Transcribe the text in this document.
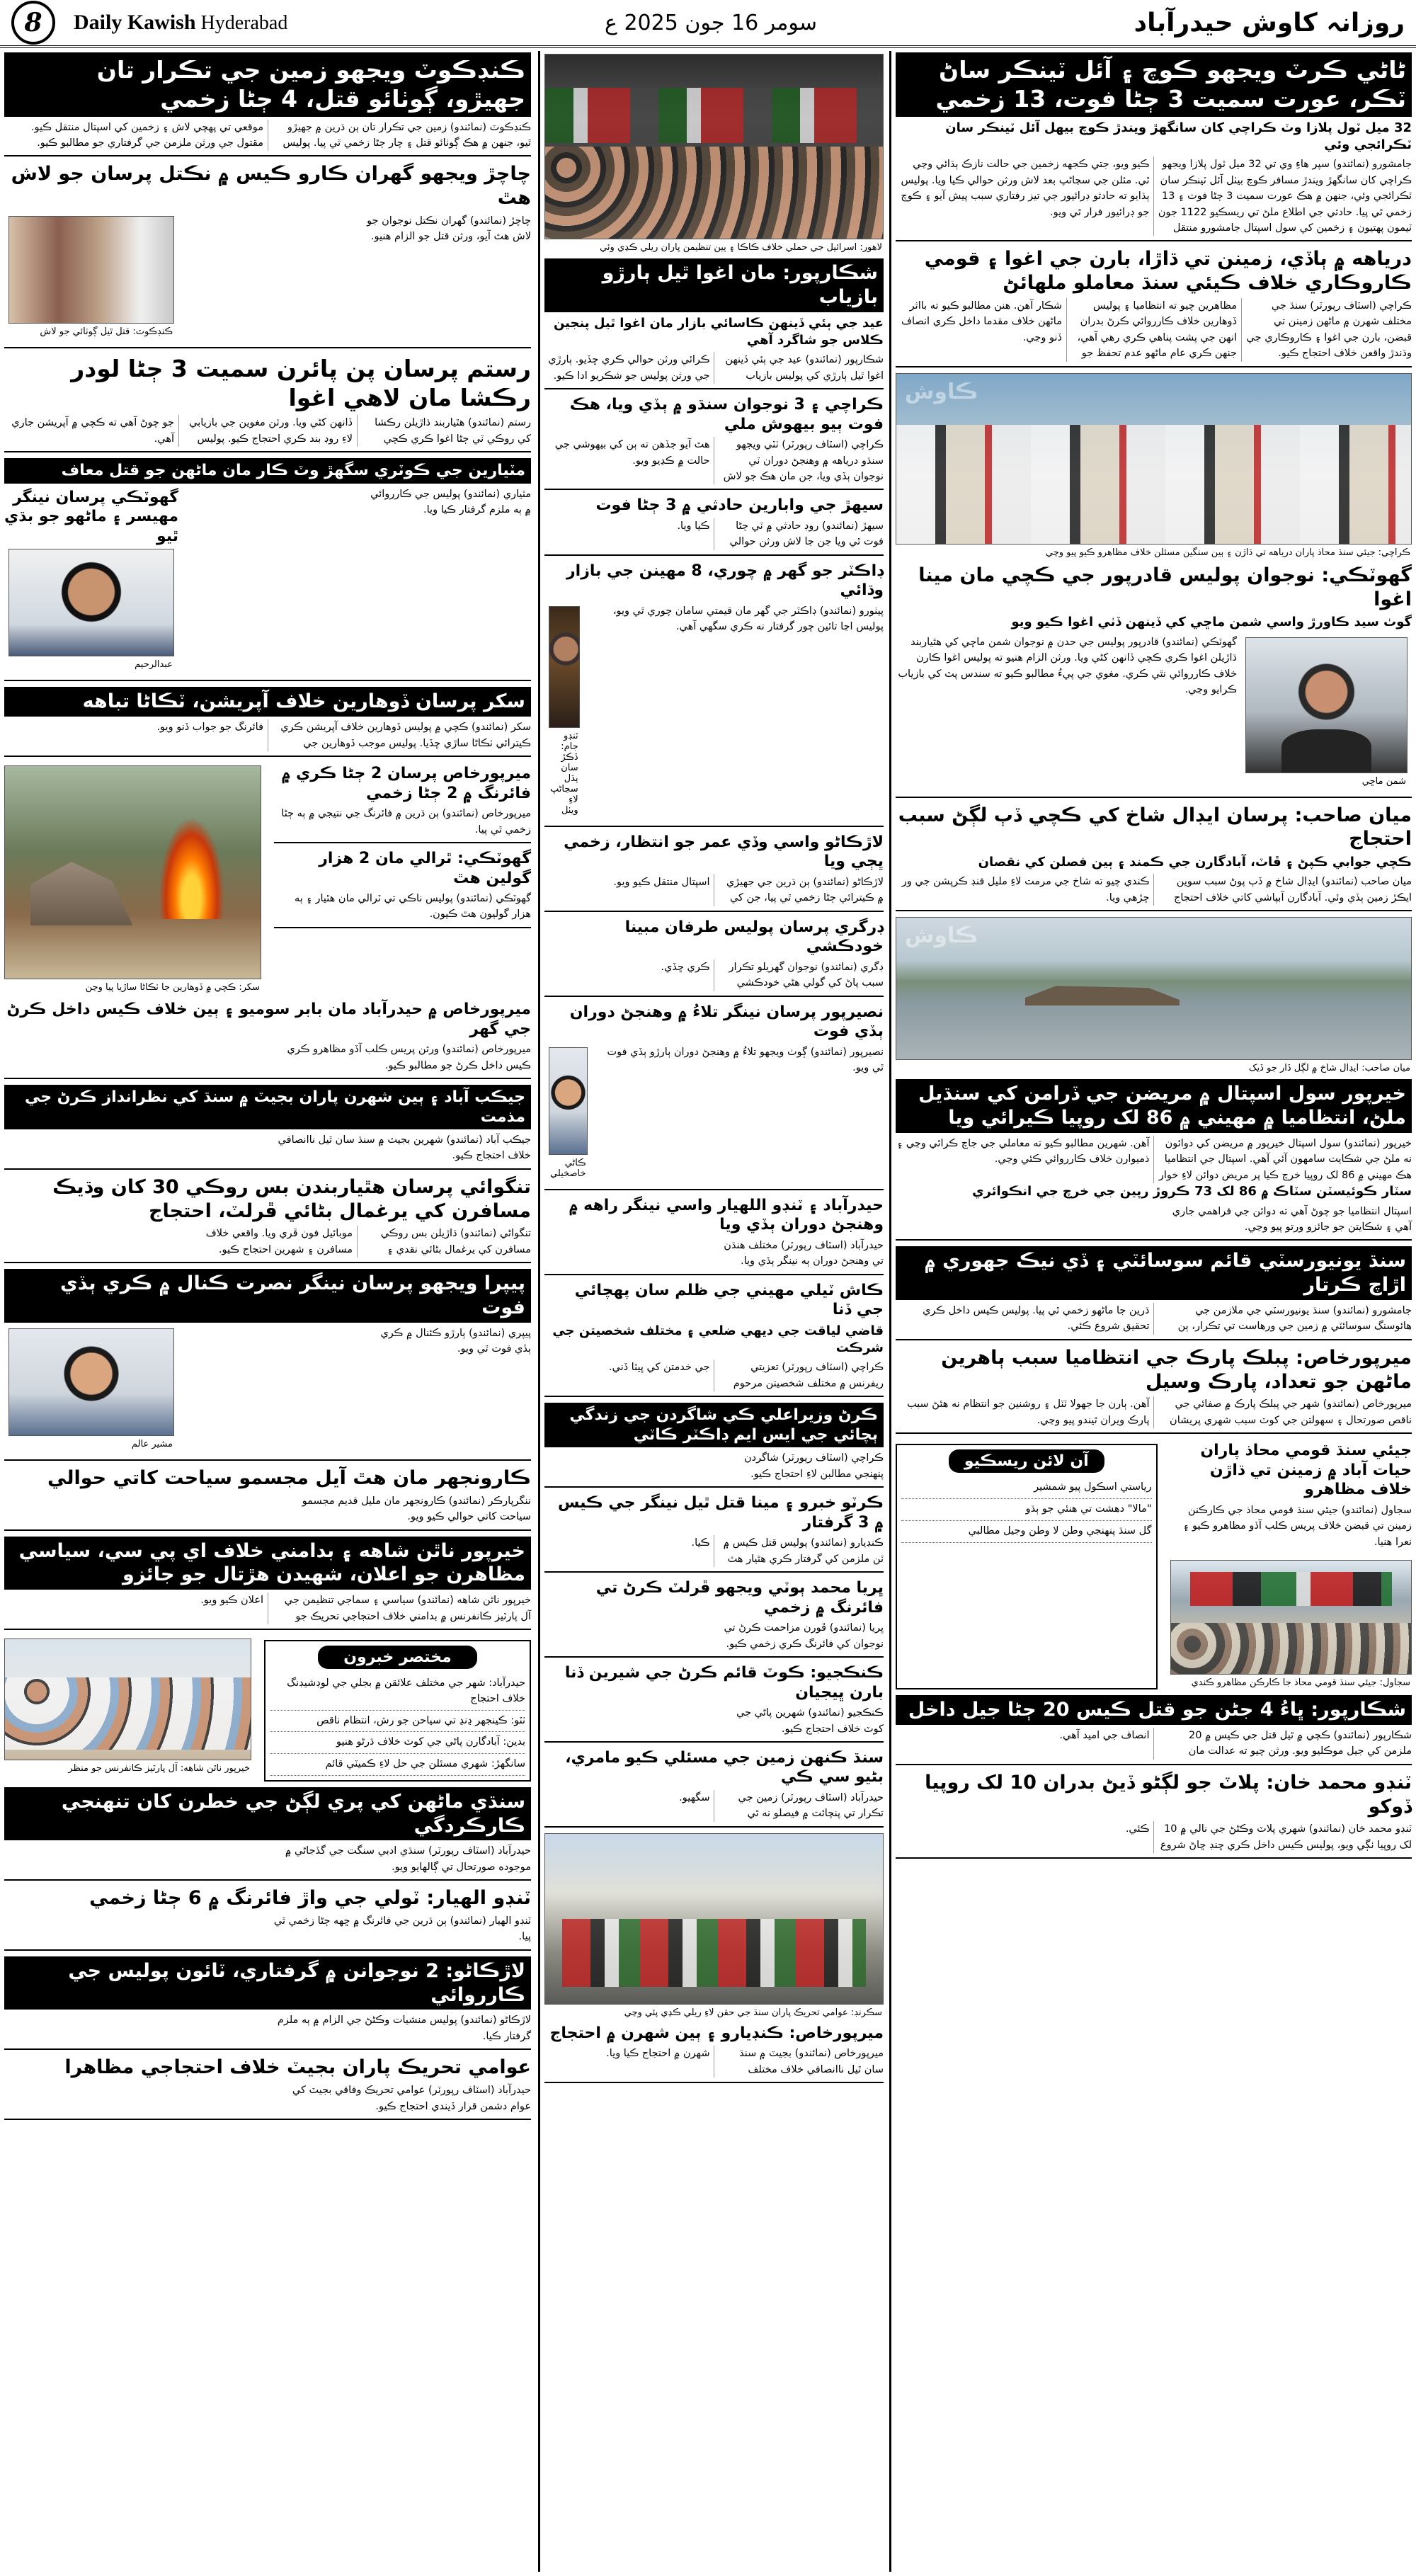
8	Daily Kawish Hyderabad	سومر 16 جون 2025 ع	روزانہ کاوش حیدرآباد
ٹاٹي ڪرٽ ويجهو ڪوچ ۽ آئل ٽينڪر ساڻ ٽڪر، عورت سميت 3 ڄڻا فوت، 13 زخمي
32 ميل ٽول پلازا وٽ ڪراچي کان سانگهڙ ويندڙ ڪوچ بيهل آئل ٽينڪر سان ٽڪرائجي وئي

جامشورو (نمائندو) سپر هاءِ وي تي 32 ميل ٽول پلازا ويجهو ڪراچي کان سانگهڙ ويندڙ مسافر ڪوچ بيٺل آئل ٽينڪر سان ٽڪرائجي وئي، جنهن ۾ هڪ عورت سميت 3 ڄڻا فوت ۽ 13 زخمي ٿي پيا. حادثي جي اطلاع ملڻ تي ريسڪيو 1122 جون ٽيمون پهتيون ۽ زخمين کي سول اسپتال جامشورو منتقل ڪيو ويو، جتي ڪجهه زخمين جي حالت نازڪ ٻڌائي وڃي ٿي. مئلن جي سڃاڻپ بعد لاش ورثن حوالي ڪيا ويا. پوليس ٻڌايو ته حادثو ڊرائيور جي تيز رفتاري سبب پيش آيو ۽ ڪوچ جو ڊرائيور فرار ٿي ويو.

درياهه ۾ ٻاڏي، زمينن تي ڌاڙا، بارن جي اغوا ۽ قومي ڪاروڪاري خلاف ڪيئي سنڌ معاملو ملهائڻ

ڪراچي (اسٽاف رپورٽر) سنڌ جي مختلف شهرن ۾ ماڻهن زمينن تي قبضن، بارن جي اغوا ۽ ڪاروڪاري جي وڌندڙ واقعن خلاف احتجاج ڪيو. مظاهرين چيو ته انتظاميا ۽ پوليس ڏوهارين خلاف ڪارروائي ڪرڻ بدران انهن جي پشت پناهي ڪري رهي آهي، جنهن ڪري عام ماڻهو عدم تحفظ جو شڪار آهن. هنن مطالبو ڪيو ته بااثر ماڻهن خلاف مقدما داخل ڪري انصاف ڏنو وڃي.

ڪاوش
ڪراچي: جيئي سنڌ محاذ پاران درياهه تي ڌاڙن ۽ ٻين سنگين مسئلن خلاف مظاهرو ڪيو پيو وڃي
گهوٽڪي: نوجوان پوليس قادرپور جي ڪچي مان مينا اغوا
گوٺ سيد ڪاورڙ واسي شمن ماڇي کي ڏينهن ڏٺي اغوا ڪيو ويو
شمن ماڇي

گهوٽڪي (نمائندو) قادرپور پوليس جي حدن ۾ نوجوان شمن ماڇي کي هٿياربند ڌاڙيلن اغوا ڪري ڪچي ڏانهن کڻي ويا. ورثن الزام هنيو ته پوليس اغوا ڪارن خلاف ڪارروائي نٿي ڪري. مغوي جي پيءُ مطالبو ڪيو ته سندس پٽ کي بازياب ڪرايو وڃي.

ميان صاحب: پرسان ايڊال شاخ کي ڪچي ڏٻ لڳڻ سبب احتجاج
ڪچي جوابي ڪپڻ ۽ ڦاٽ، آبادگارن جي ڪمند ۽ ٻين فصلن کي نقصان

ميان صاحب (نمائندو) ايڊال شاخ ۾ ڏٻ پوڻ سبب سوين ايڪڙ زمين ٻڏي وئي. آبادگارن آبپاشي کاتي خلاف احتجاج ڪندي چيو ته شاخ جي مرمت لاءِ مليل فنڊ ڪرپشن جي ور چڙهي ويا.

ڪاوش
ميان صاحب: ايڊال شاخ ۾ لڳل ڏار جو ڏيک
خيرپور سول اسپتال ۾ مريضن جي ڏرامن کي سنڌيل ملڻ، انتظاميا ۾ مهيني ۾ 86 لک روپيا ڪيرائي ويا

خيرپور (نمائندو) سول اسپتال خيرپور ۾ مريضن کي دوائون نه ملڻ جي شڪايت سامهون آئي آهي. اسپتال جي انتظاميا هڪ مهيني ۾ 86 لک روپيا خرچ ڪيا پر مريض دوائن لاءِ خوار آهن. شهرين مطالبو ڪيو ته معاملي جي جاچ ڪرائي وڃي ۽ ذميوارن خلاف ڪارروائي ڪئي وڃي.

سٽار ڪوئيسٽن سٽاڪ ۾ 86 لک 73 ڪروڙ رپين جي خرچ جي انڪوائري

اسپتال انتظاميا جو چوڻ آهي ته دوائن جي فراهمي جاري آهي ۽ شڪايتن جو جائزو ورتو پيو وڃي.

سنڌ يونيورسٽي قائم سوسائٽي ۽ ڏي نيڪ جهوري ۾ اڙاچ ڪرتار

جامشورو (نمائندو) سنڌ يونيورسٽي جي ملازمن جي هائوسنگ سوسائٽي ۾ زمين جي ورهاست تي تڪرار، ٻن ڌرين جا ماڻهو زخمي ٿي پيا. پوليس ڪيس داخل ڪري تحقيق شروع ڪئي.

ميرپورخاص: پبلڪ پارڪ جي انتظاميا سبب ٻاهرين ماڻهن جو تعداد، پارڪ وسيل

ميرپورخاص (نمائندو) شهر جي پبلڪ پارڪ ۾ صفائي جي ناقص صورتحال ۽ سهولتن جي کوٽ سبب شهري پريشان آهن. ٻارن جا جهولا ٽٽل ۽ روشنين جو انتظام نه هئڻ سبب پارڪ ويران ٿيندو پيو وڃي.

جيئي سنڌ قومي محاذ پاران حيات آباد ۾ زمينن تي ڌاڙن خلاف مظاهرو

سجاول (نمائندو) جيئي سنڌ قومي محاذ جي ڪارڪنن زمينن تي قبضن خلاف پريس ڪلب آڏو مظاهرو ڪيو ۽ نعرا هنيا.

سجاول: جيئي سنڌ قومي محاذ جا ڪارڪن مظاهرو ڪندي
آن لائن ريسڪيو
رياستي اسڪول پيو شمشير
"مالا" دهشت تي هنئي جو ٻڌو
گل سنڌ پنهنجي وطن لا وطن وجيل مطالبي
شڪارپور: ڀاءُ 4 جڻن جو قتل ڪيس 20 ڄڻا جيل داخل

شڪارپور (نمائندو) ڪچي ۾ ٿيل قتل جي ڪيس ۾ 20 ملزمن کي جيل موڪليو ويو. ورثن چيو ته عدالت مان انصاف جي اميد آهي.

ٽنڊو محمد خان: پلاٽ جو لڳڻو ڏيڻ بدران 10 لک روپيا ڏوکو

ٽنڊو محمد خان (نمائندو) شهري پلاٽ وڪڻڻ جي نالي ۾ 10 لک روپيا ٺڳي ويو، پوليس ڪيس داخل ڪري ڇنڊ ڇاڻ شروع ڪئي.

لاهور: اسرائيل جي حملي خلاف ڪاڪا ۽ ٻين تنظيمن پاران ريلي ڪڍي وئي
شڪارپور: مان اغوا ٿيل ٻارڙو بازياب
عيد جي ٻئي ڏينهن ڪاسائي بازار مان اغوا ٿيل پنجين ڪلاس جو شاگرد آهي

شڪارپور (نمائندو) عيد جي ٻئي ڏينهن اغوا ٿيل ٻارڙي کي پوليس بازياب ڪرائي ورثن حوالي ڪري ڇڏيو. ٻارڙي جي ورثن پوليس جو شڪريو ادا ڪيو.

ڪراچي ۽ 3 نوجوان سنڌو ۾ ٻڏي ويا، هڪ فوت ٻيو بيهوش ملي

ڪراچي (اسٽاف رپورٽر) ٺٽي ويجهو سنڌو درياهه ۾ وهنجڻ دوران ٽي نوجوان ٻڏي ويا، جن مان هڪ جو لاش هٿ آيو جڏهن ته ٻن کي بيهوشي جي حالت ۾ ڪڍيو ويو.

سيهڙ جي وابارين حادثي ۾ 3 ڄڻا فوت

سيهڙ (نمائندو) روڊ حادثي ۾ ٽي ڄڻا فوت ٿي ويا جن جا لاش ورثن حوالي ڪيا ويا.

ڊاڪٽر جو گهر ۾ چوري، 8 مهينن جي بازار وڌائي

پيٺورو (نمائندو) ڊاڪٽر جي گهر مان قيمتي سامان چوري ٿي ويو، پوليس اڃا تائين چور گرفتار نه ڪري سگهي آهي.

ٽنڊو جام: ڏڪڙ سان ٻڌل سڃاڻپ لاءِ ويٺل
لاڙڪاڻو واسي وڏي عمر جو انتظار، زخمي ڀڄي ويا

لاڙڪاڻو (نمائندو) ٻن ڌرين جي جهيڙي ۾ ڪيترائي ڄڻا زخمي ٿي پيا، جن کي اسپتال منتقل ڪيو ويو.

ڊرگري پرسان پوليس طرفان مبينا خودڪشي

ڊگري (نمائندو) نوجوان گهريلو تڪرار سبب پاڻ کي گولي هڻي خودڪشي ڪري ڇڏي.

نصيرپور پرسان نينگر تلاءُ ۾ وهنجڻ دوران ٻڏي فوت

نصيرپور (نمائندو) ڳوٺ ويجهو تلاءُ ۾ وهنجڻ دوران ٻارڙو ٻڏي فوت ٿي ويو.

ڪاڻي خاصخيلي
حيدرآباد ۽ ٽنڊو اللهيار واسي نينگر راهه ۾ وهنجڻ دوران ٻڏي ويا

حيدرآباد (اسٽاف رپورٽر) مختلف هنڌن تي وهنجڻ دوران ٻه نينگر ٻڏي ويا.

ڪاش ٽيلي مهيني جي ظلم سان پهچائي جي ڏنا
قاضي لياقت جي ديهي ضلعي ۽ مختلف شخصيتن جي شرڪت

ڪراچي (اسٽاف رپورٽر) تعزيتي ريفرنس ۾ مختلف شخصيتن مرحوم جي خدمتن کي ڀيٽا ڏني.

ڪرڻ وزيراعلي ڪي شاگردن جي زندگي ٻچائي جي ايس ايم ڊاڪٽر ڪاٽي

ڪراچي (اسٽاف رپورٽر) شاگردن پنهنجي مطالبن لاءِ احتجاج ڪيو.

ڪرٽو خبرو ۽ مينا قتل ٿيل نينگر جي ڪيس ۾ 3 گرفتار

ڪنڊيارو (نمائندو) پوليس قتل ڪيس ۾ ٽن ملزمن کي گرفتار ڪري هٿيار هٿ ڪيا.

ڀريا محمد ٻوٽي ويجهو ڦرلٽ ڪرڻ تي فائرنگ ۾ زخمي

ڀريا (نمائندو) ڦورن مزاحمت ڪرڻ تي نوجوان کي فائرنگ ڪري زخمي ڪيو.

ڪنڪجيو: ڪوٽ قائم ڪرڻ جي شيرين ڏنا بارن ڀيجيان

ڪنڪجيو (نمائندو) شهرين پاڻي جي کوٽ خلاف احتجاج ڪيو.

سنڌ ڪنهن زمين جي مسئلي ڪيو مامري، بڻيو سي ڪي

حيدرآباد (اسٽاف رپورٽر) زمين جي تڪرار تي پنچائت ۾ فيصلو نه ٿي سگهيو.

سڪرنڊ: عوامي تحريڪ پاران سنڌ جي حقن لاءِ ريلي ڪڍي پئي وڃي
ميرپورخاص: ڪنڊيارو ۽ ٻين شهرن ۾ احتجاج

ميرپورخاص (نمائندو) بجيٽ ۾ سنڌ سان ٿيل ناانصافي خلاف مختلف شهرن ۾ احتجاج ڪيا ويا.

ڪنڊڪوٽ ويجهو زمين جي تڪرار تان جهيڙو، ڳوٺائو قتل، 4 ڄڻا زخمي

ڪنڊڪوٽ (نمائندو) زمين جي تڪرار تان ٻن ڌرين ۾ جهيڙو ٿيو، جنهن ۾ هڪ ڳوٺائو قتل ۽ چار ڄڻا زخمي ٿي پيا. پوليس موقعي تي پهچي لاش ۽ زخمين کي اسپتال منتقل ڪيو. مقتول جي ورثن ملزمن جي گرفتاري جو مطالبو ڪيو.

چاچڙ ويجهو گهران ڪارو ڪيس ۾ نڪتل پرسان جو لاش هٿ

چاچڙ (نمائندو) گهران نڪتل نوجوان جو لاش هٿ آيو، ورثن قتل جو الزام هنيو.

ڪنڊڪوٽ: قتل ٿيل ڳوٺائي جو لاش
رستم پرسان پن پائرن سميت 3 ڄڻا لودر رڪشا مان لاهي اغوا

رستم (نمائندو) هٿياربند ڌاڙيلن رڪشا کي روڪي ٽي ڄڻا اغوا ڪري ڪچي ڏانهن کڻي ويا. ورثن مغوين جي بازيابي لاءِ روڊ بند ڪري احتجاج ڪيو. پوليس جو چوڻ آهي ته ڪچي ۾ آپريشن جاري آهي.

مٽيارين جي ڪوٽري سگهڙ وٽ ڪار مان ماڻهن جو قتل معاف

مٽياري (نمائندو) پوليس جي ڪارروائي ۾ ٻه ملزم گرفتار ڪيا ويا.

گهوٽڪي پرسان نينگر مهيسر ۽ ماڻهو جو بڌي ٿيو
عبدالرحيم
سکر پرسان ڏوهارين خلاف آپريشن، ٽڪاڻا تباهه

سکر (نمائندو) ڪچي ۾ پوليس ڏوهارين خلاف آپريشن ڪري ڪيترائي ٺڪاڻا ساڙي ڇڏيا. پوليس موجب ڏوهارين جي فائرنگ جو جواب ڏنو ويو.

ميرپورخاص پرسان 2 ڄڻا ڪري ۾ فائرنگ ۾ 2 ڄڻا زخمي

ميرپورخاص (نمائندو) ٻن ڌرين ۾ فائرنگ جي نتيجي ۾ ٻه ڄڻا زخمي ٿي پيا.

گهوٽڪي: ٿرالي مان 2 هزار گولين هٿ

گهوٽڪي (نمائندو) پوليس ناڪي تي ٽرالي مان هٿيار ۽ ٻه هزار گوليون هٿ ڪيون.

سکر: ڪچي ۾ ڏوهارين جا ٺڪاڻا ساڙيا پيا وڃن
ميرپورخاص ۾ حيدرآباد مان بابر سوميو ۽ ٻين خلاف ڪيس داخل ڪرڻ جي گهر

ميرپورخاص (نمائندو) ورثن پريس ڪلب آڏو مظاهرو ڪري ڪيس داخل ڪرڻ جو مطالبو ڪيو.

جيڪب آباد ۽ ٻين شهرن پاران بجيٽ ۾ سنڌ کي نظرانداز ڪرڻ جي مذمت

جيڪب آباد (نمائندو) شهرين بجيٽ ۾ سنڌ سان ٿيل ناانصافي خلاف احتجاج ڪيو.

تنگوائي پرسان هٿياربندن بس روڪي 30 کان وڌيڪ مسافرن کي يرغمال بڻائي ڦرلٽ، احتجاج

تنگواڻي (نمائندو) ڌاڙيلن بس روڪي مسافرن کي يرغمال بڻائي نقدي ۽ موبائيل فون ڦري ويا. واقعي خلاف مسافرن ۽ شهرين احتجاج ڪيو.

پيپرا ويجهو پرسان نينگر نصرت ڪنال ۾ ڪري ٻڏي فوت

پيپري (نمائندو) ٻارڙو ڪئنال ۾ ڪري ٻڏي فوت ٿي ويو.

مشير عالم
ڪارونجهر مان هٿ آيل مجسمو سياحت کاتي حوالي

ننگرپارڪر (نمائندو) ڪارونجهر مان مليل قديم مجسمو سياحت کاتي حوالي ڪيو ويو.

خيرپور ناٿن شاهه ۽ بدامني خلاف اي پي سي، سياسي مظاهرن جو اعلان، شهيدن هڙتال جو جائزو

خيرپور ناٿن شاهه (نمائندو) سياسي ۽ سماجي تنظيمن جي آل پارٽيز ڪانفرنس ۾ بدامني خلاف احتجاجي تحريڪ جو اعلان ڪيو ويو.

مختصر خبرون
حيدرآباد: شهر جي مختلف علائقن ۾ بجلي جي لوڊشيڊنگ خلاف احتجاج
ٺٽو: ڪينجهر ڍنڍ تي سياحن جو رش، انتظام ناقص
بدين: آبادگارن پاڻي جي کوٽ خلاف ڌرڻو هنيو
سانگهڙ: شهري مسئلن جي حل لاءِ ڪميٽي قائم
خيرپور ناٿن شاهه: آل پارٽيز ڪانفرنس جو منظر
سنڌي ماڻهن کي پري لڳڻ جي خطرن کان تنهنجي ڪارڪردگي

حيدرآباد (اسٽاف رپورٽر) سنڌي ادبي سنگت جي گڏجاڻي ۾ موجوده صورتحال تي ڳالهايو ويو.

ٽنڊو الهيار: ٽولي جي واڙ فائرنگ ۾ 6 ڄڻا زخمي

ٽنڊو الهيار (نمائندو) ٻن ڌرين جي فائرنگ ۾ ڇهه ڄڻا زخمي ٿي پيا.

لاڙڪاڻو: 2 نوجوانن ۾ گرفتاري، ٽائون پوليس جي ڪارروائي

لاڙڪاڻو (نمائندو) پوليس منشيات وڪڻڻ جي الزام ۾ ٻه ملزم گرفتار ڪيا.

عوامي تحريڪ پاران بجيٽ خلاف احتجاجي مظاهرا

حيدرآباد (اسٽاف رپورٽر) عوامي تحريڪ وفاقي بجيٽ کي عوام دشمن قرار ڏيندي احتجاج ڪيو.
